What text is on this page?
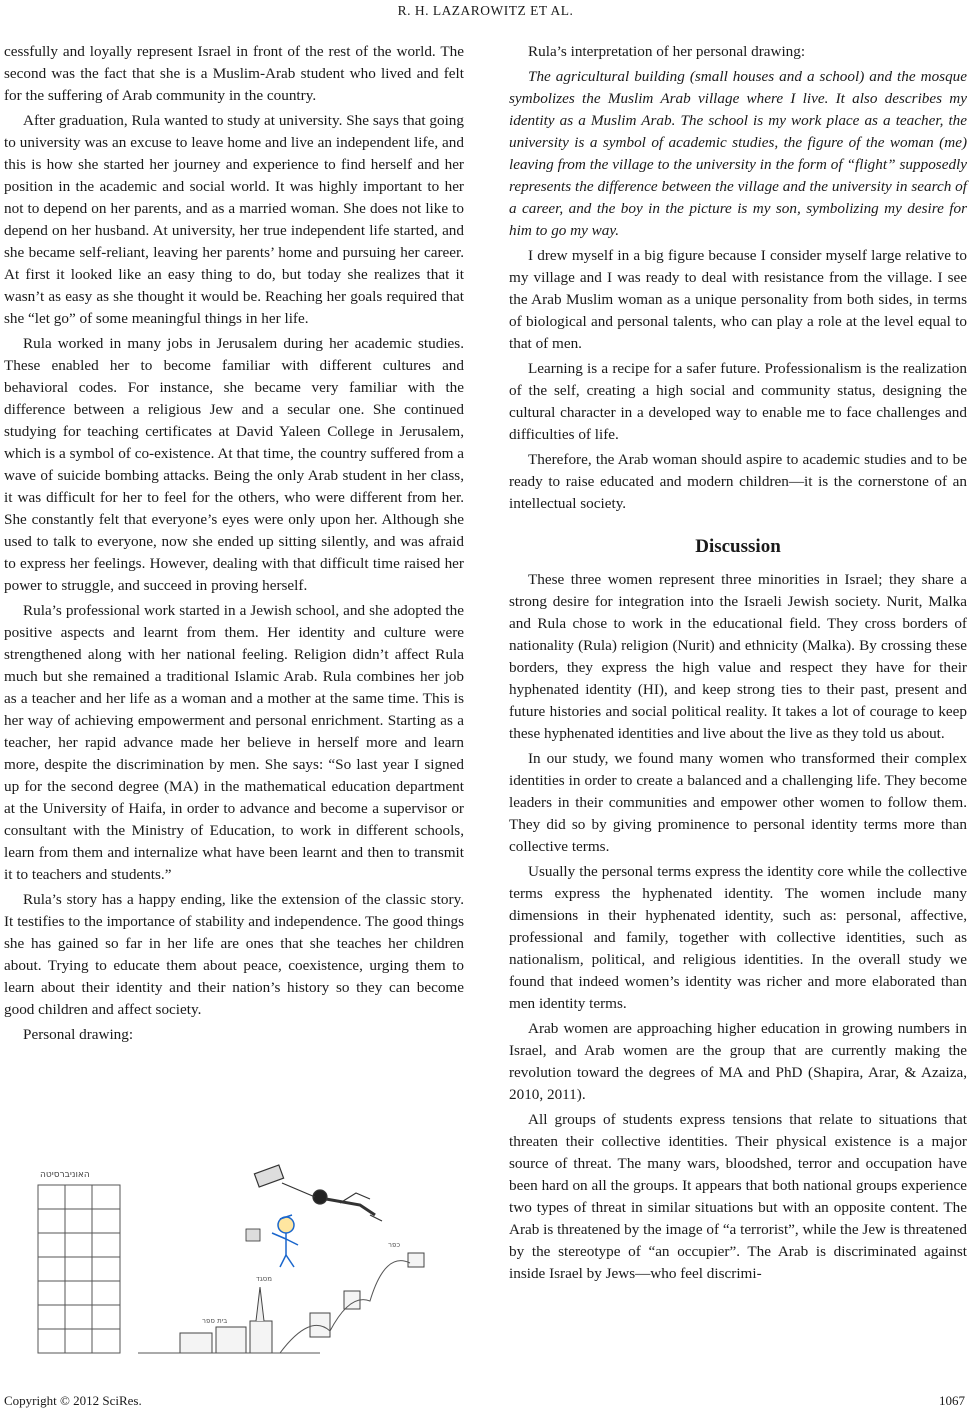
R. H. LAZAROWITZ ET AL.

cessfully and loyally represent Israel in front of the rest of the world. The second was the fact that she is a Muslim-Arab student who lived and felt for the suffering of Arab community in the country.

After graduation, Rula wanted to study at university. She says that going to university was an excuse to leave home and live an independent life, and this is how she started her journey and experience to find herself and her position in the academic and social world. It was highly important to her not to depend on her parents, and as a married woman. She does not like to depend on her husband. At university, her true independent life started, and she became self-reliant, leaving her parents’ home and pursuing her career. At first it looked like an easy thing to do, but today she realizes that it wasn’t as easy as she thought it would be. Reaching her goals required that she “let go” of some meaningful things in her life.

Rula worked in many jobs in Jerusalem during her academic studies. These enabled her to become familiar with different cultures and behavioral codes. For instance, she became very familiar with the difference between a religious Jew and a secular one. She continued studying for teaching certificates at David Yaleen College in Jerusalem, which is a symbol of co-existence. At that time, the country suffered from a wave of suicide bombing attacks. Being the only Arab student in her class, it was difficult for her to feel for the others, who were different from her. She constantly felt that everyone’s eyes were only upon her. Although she used to talk to everyone, now she ended up sitting silently, and was afraid to express her feelings. However, dealing with that difficult time raised her power to struggle, and succeed in proving herself.

Rula’s professional work started in a Jewish school, and she adopted the positive aspects and learnt from them. Her identity and culture were strengthened along with her national feeling. Religion didn’t affect Rula much but she remained a traditional Islamic Arab. Rula combines her job as a teacher and her life as a woman and a mother at the same time. This is her way of achieving empowerment and personal enrichment. Starting as a teacher, her rapid advance made her believe in herself more and learn more, despite the discrimination by men. She says: “So last year I signed up for the second degree (MA) in the mathematical education department at the University of Haifa, in order to advance and become a supervisor or consultant with the Ministry of Education, to work in different schools, learn from them and internalize what have been learnt and then to transmit it to teachers and students.”

Rula’s story has a happy ending, like the extension of the classic story. It testifies to the importance of stability and independence. The good things she has gained so far in her life are ones that she teaches her children about. Trying to educate them about peace, coexistence, urging them to learn about their identity and their nation’s history so they can become good children and affect society.

Personal drawing:

האוניברסיטה
בית ספר
מסגד
כפר

Rula’s interpretation of her personal drawing:

The agricultural building (small houses and a school) and the mosque symbolizes the Muslim Arab village where I live. It also describes my identity as a Muslim Arab. The school is my work place as a teacher, the university is a symbol of academic studies, the figure of the woman (me) leaving from the village to the university in the form of “flight” supposedly represents the difference between the village and the university in search of a career, and the boy in the picture is my son, symbolizing my desire for him to go my way.

I drew myself in a big figure because I consider myself large relative to my village and I was ready to deal with resistance from the village. I see the Arab Muslim woman as a unique personality from both sides, in terms of biological and personal talents, who can play a role at the level equal to that of men.

Learning is a recipe for a safer future. Professionalism is the realization of the self, creating a high social and community status, designing the cultural character in a developed way to enable me to face challenges and difficulties of life.

Therefore, the Arab woman should aspire to academic studies and to be ready to raise educated and modern children—it is the cornerstone of an intellectual society.

Discussion

These three women represent three minorities in Israel; they share a strong desire for integration into the Israeli Jewish society. Nurit, Malka and Rula chose to work in the educational field. They cross borders of nationality (Rula) religion (Nurit) and ethnicity (Malka). By crossing these borders, they express the high value and respect they have for their hyphenated identity (HI), and keep strong ties to their past, present and future histories and social political reality. It takes a lot of courage to keep these hyphenated identities and live about the live as they told us about.

In our study, we found many women who transformed their complex identities in order to create a balanced and a challenging life. They become leaders in their communities and empower other women to follow them. They did so by giving prominence to personal identity terms more than collective terms.

Usually the personal terms express the identity core while the collective terms express the hyphenated identity. The women include many dimensions in their hyphenated identity, such as: personal, affective, professional and family, together with collective identities, such as nationalism, political, and religious identities. In the overall study we found that indeed women’s identity was richer and more elaborated than men identity terms.

Arab women are approaching higher education in growing numbers in Israel, and Arab women are the group that are currently making the revolution toward the degrees of MA and PhD (Shapira, Arar, & Azaiza, 2010, 2011).

All groups of students express tensions that relate to situations that threaten their collective identities. Their physical existence is a major source of threat. The many wars, bloodshed, terror and occupation have been hard on all the groups. It appears that both national groups experience two types of threat in similar situations but with an opposite content. The Arab is threatened by the image of “a terrorist”, while the Jew is threatened by the stereotype of “an occupier”. The Arab is discriminated against inside Israel by Jews—who feel discrimi-

Copyright © 2012 SciRes.	1067
